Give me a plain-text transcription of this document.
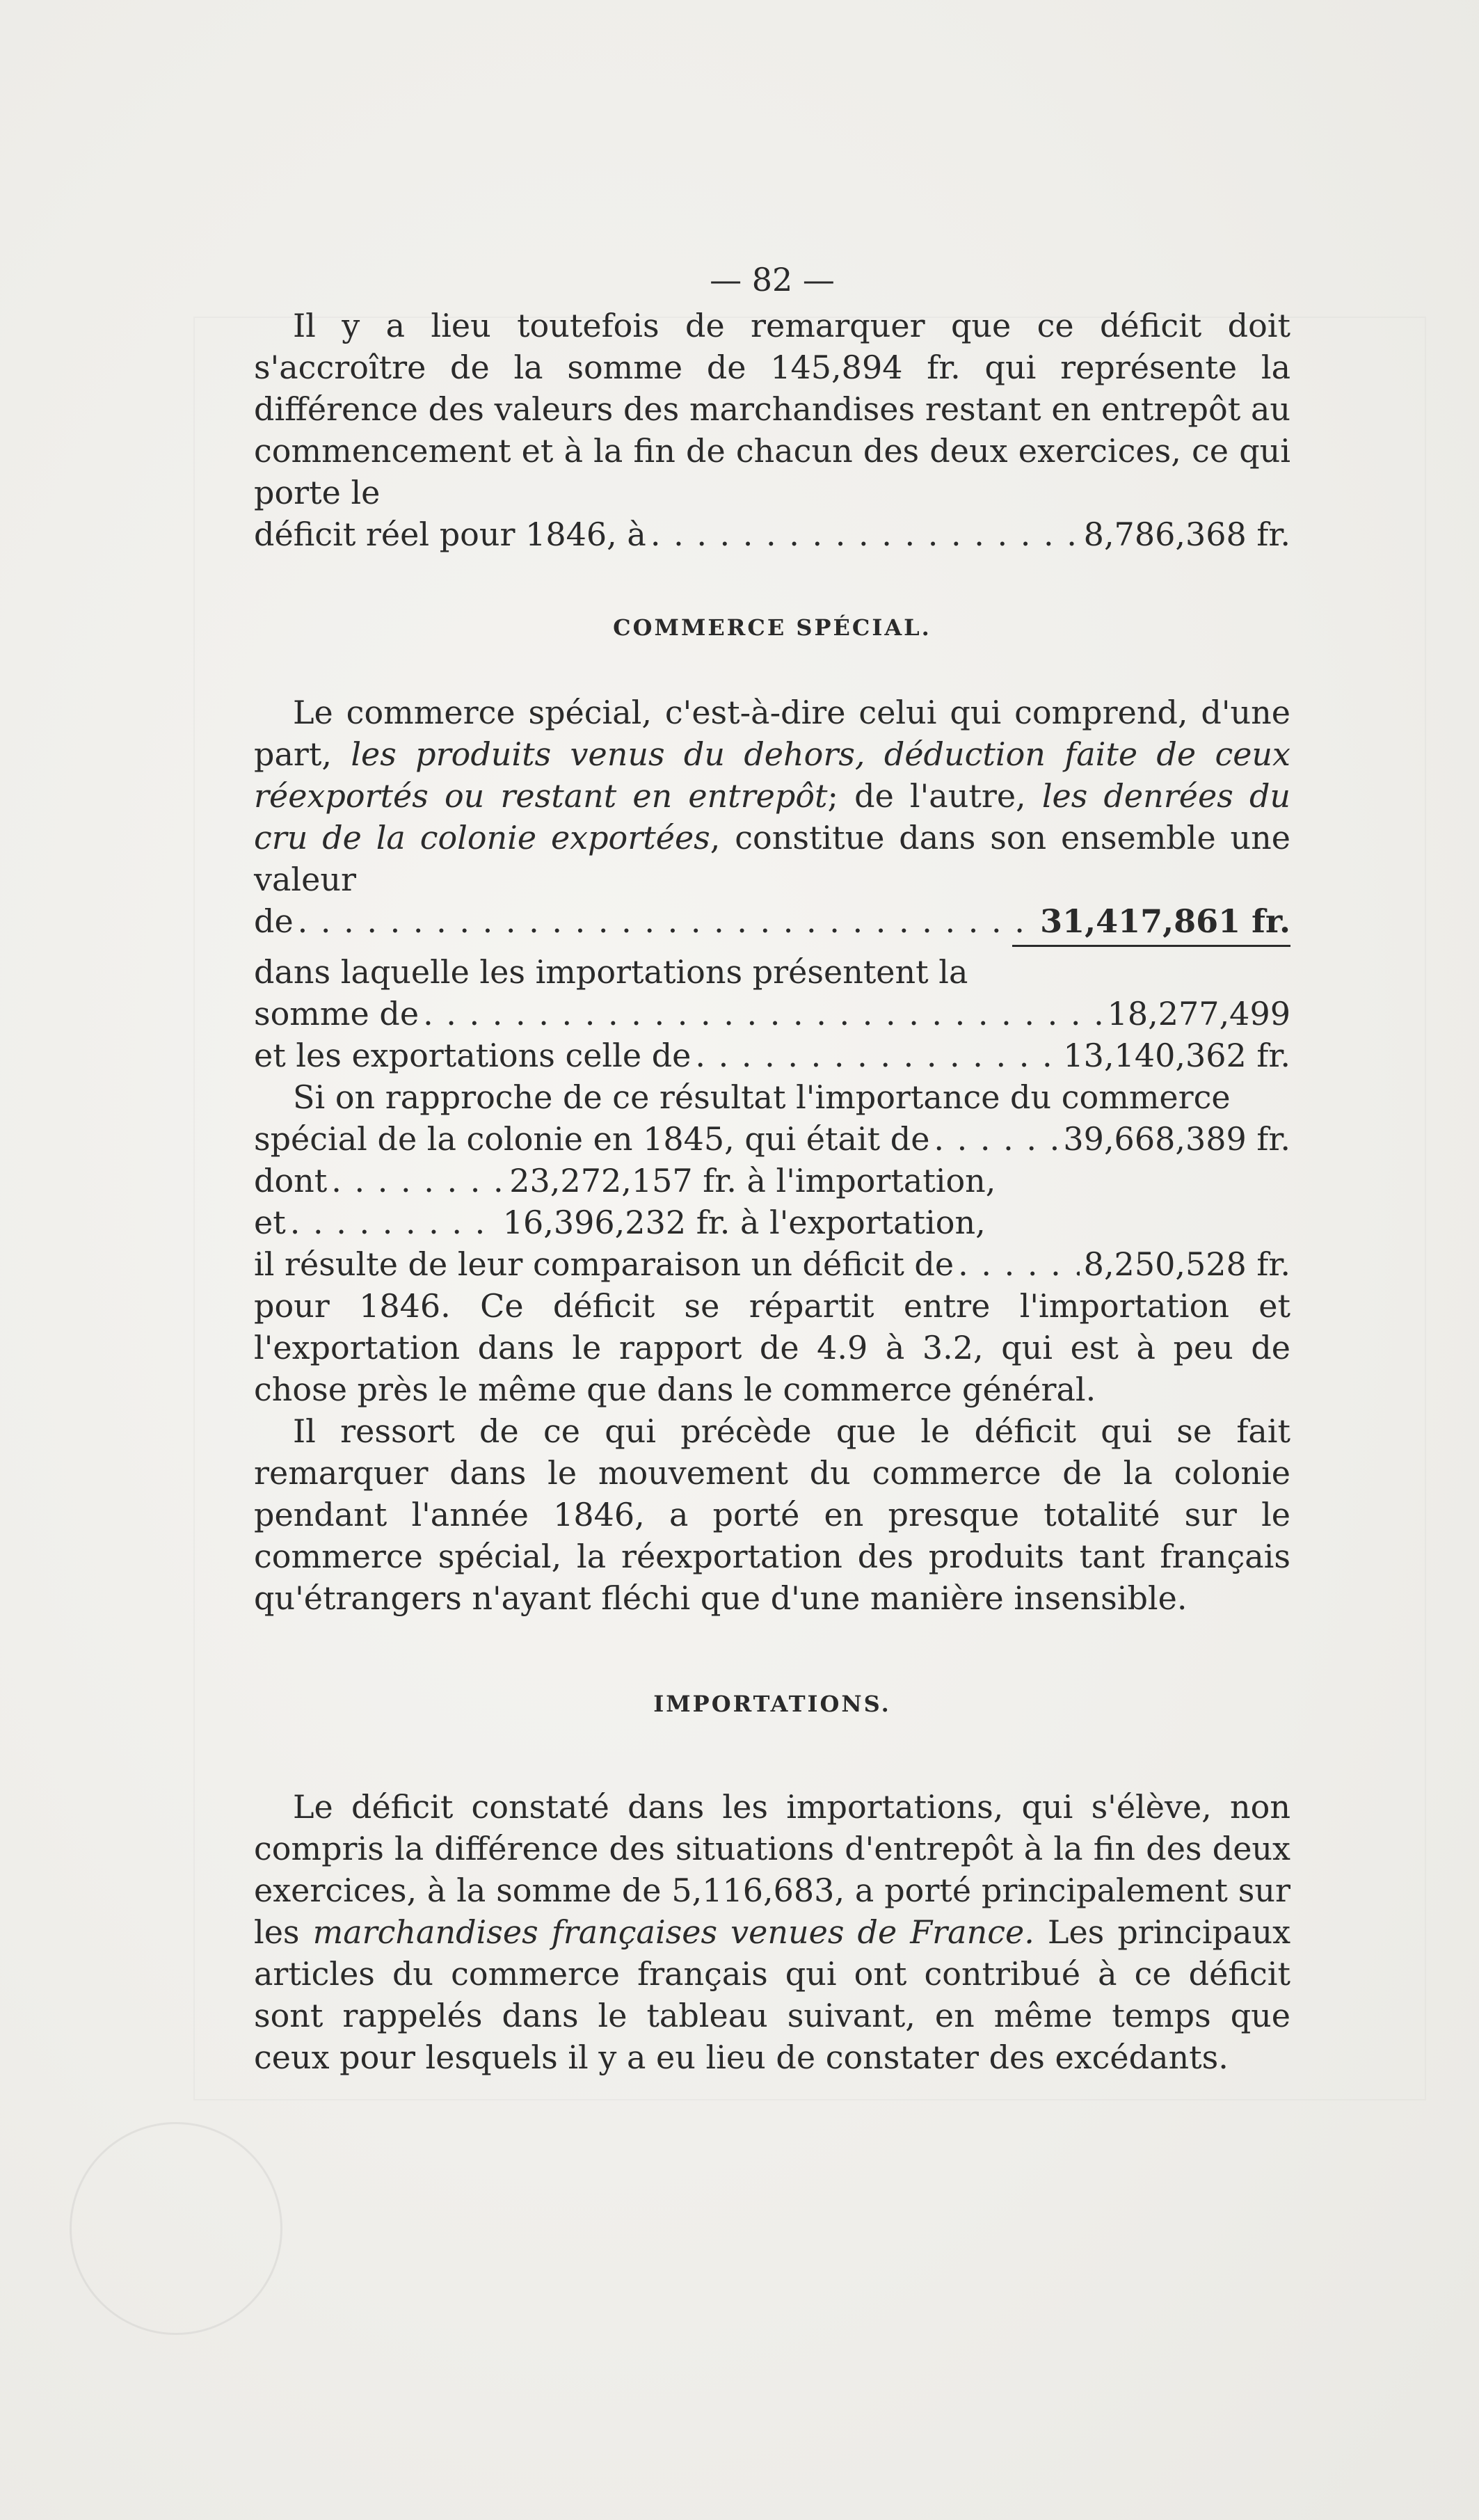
— 82 —

Il y a lieu toutefois de remarquer que ce déficit doit s'accroître de la somme de 145,894 fr. qui représente la différence des valeurs des marchandises restant en entrepôt au commencement et à la fin de chacun des deux exercices, ce qui porte le

déficit réel pour 1846, à . . .	8,786,368 fr.
COMMERCE SPÉCIAL.

Le commerce spécial, c'est-à-dire celui qui comprend, d'une part, les produits venus du dehors, déduction faite de ceux réexportés ou restant en entrepôt; de l'autre, les denrées du cru de la colonie exportées, constitue dans son ensemble une valeur

de . . .	31,417,861 fr.
dans laquelle les importations présentent la
somme de . . .	18,277,499
et les exportations celle de . . .	13,140,362 fr.
Si on rapproche de ce résultat l'importance du commerce
spécial de la colonie en 1845, qui était de . . .	39,668,389 fr.
dont . . .	23,272,157
fr. à l'importation,
et . . .	16,396,232
fr. à l'exportation,
il résulte de leur comparaison un déficit de . . .	8,250,528 fr.

pour 1846. Ce déficit se répartit entre l'importation et l'exportation dans le rapport de 4.9 à 3.2, qui est à peu de chose près le même que dans le commerce général.

Il ressort de ce qui précède que le déficit qui se fait remarquer dans le mouvement du commerce de la colonie pendant l'année 1846, a porté en presque totalité sur le commerce spécial, la réexportation des produits tant français qu'étrangers n'ayant fléchi que d'une manière insensible.

IMPORTATIONS.

Le déficit constaté dans les importations, qui s'élève, non compris la différence des situations d'entrepôt à la fin des deux exercices, à la somme de 5,116,683, a porté principalement sur les marchandises françaises venues de France. Les principaux articles du commerce français qui ont contribué à ce déficit sont rappelés dans le tableau suivant, en même temps que ceux pour lesquels il y a eu lieu de constater des excédants.
